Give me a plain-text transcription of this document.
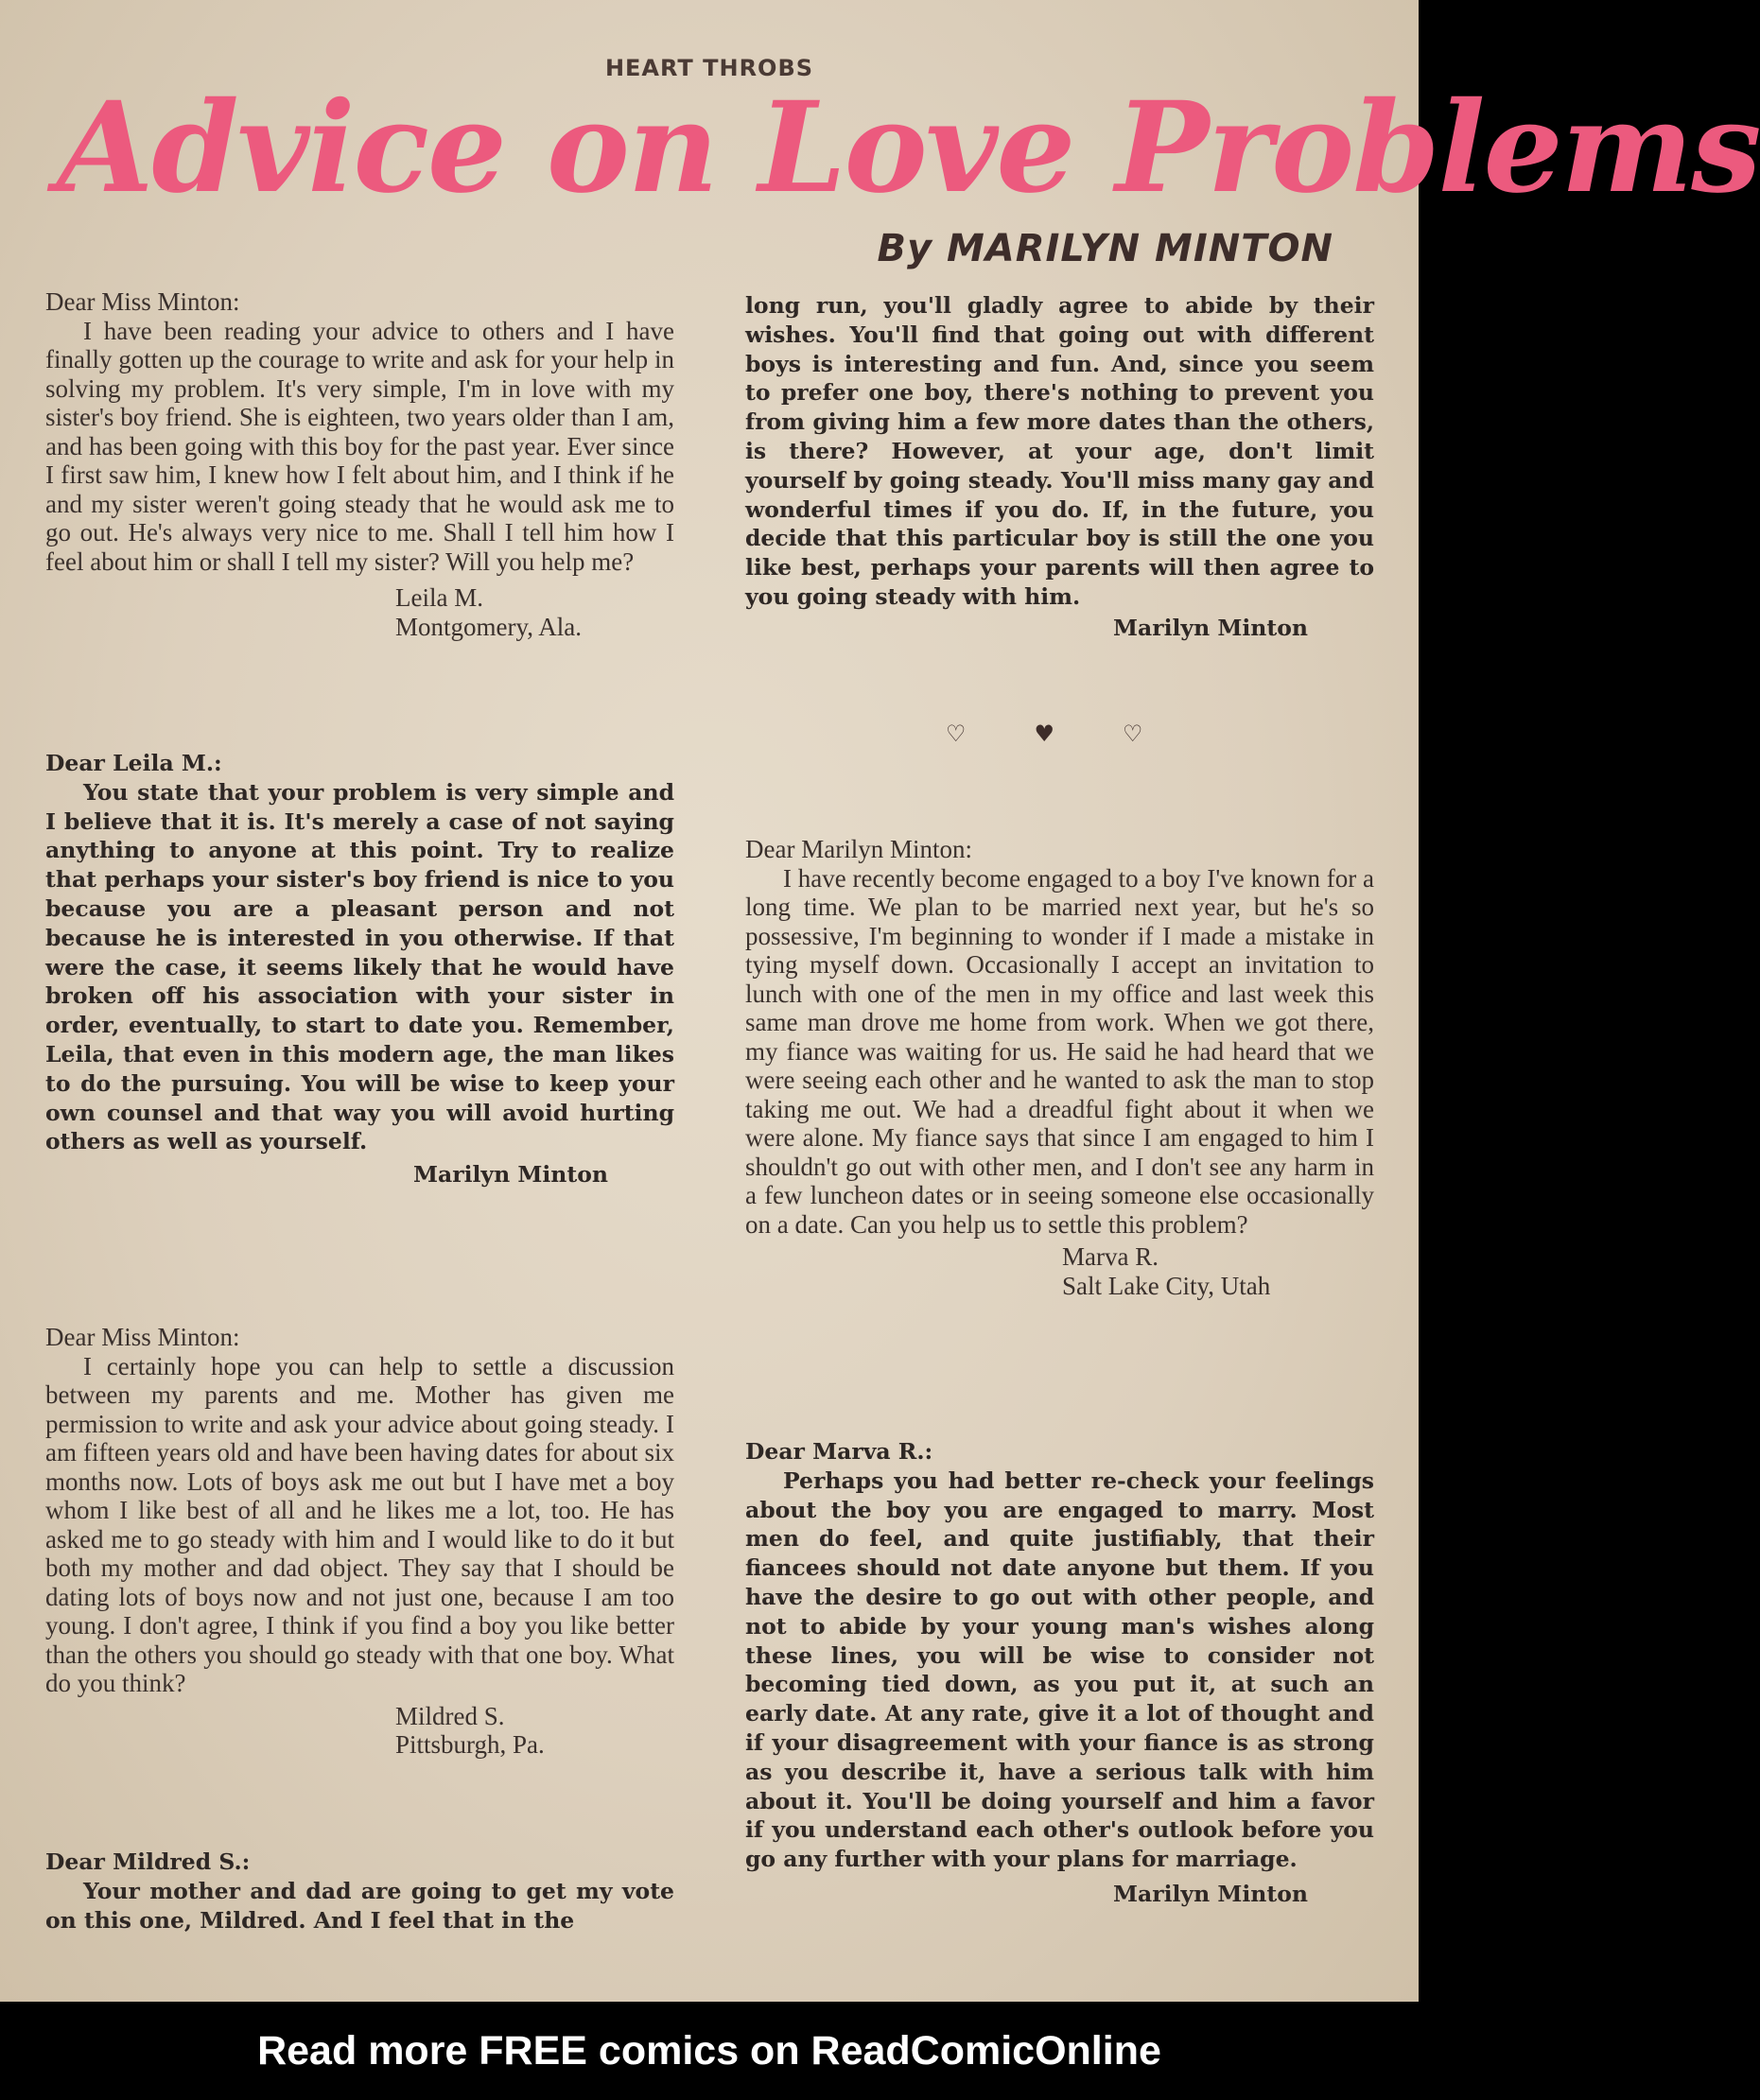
HEART THROBS
Advice on Love Problems
By MARILYN MINTON

Dear Miss Minton:

I have been reading your advice to others and I have finally gotten up the courage to write and ask for your help in solving my problem. It's very simple, I'm in love with my sister's boy friend. She is eighteen, two years older than I am, and has been going with this boy for the past year. Ever since I first saw him, I knew how I felt about him, and I think if he and my sister weren't going steady that he would ask me to go out. He's always very nice to me. Shall I tell him how I feel about him or shall I tell my sister? Will you help me?

Leila M.
Montgomery, Ala.

Dear Leila M.:

You state that your problem is very simple and I believe that it is. It's merely a case of not saying anything to anyone at this point. Try to realize that perhaps your sister's boy friend is nice to you because you are a pleasant person and not because he is interested in you otherwise. If that were the case, it seems likely that he would have broken off his association with your sister in order, eventually, to start to date you. Remember, Leila, that even in this modern age, the man likes to do the pursuing. You will be wise to keep your own counsel and that way you will avoid hurting others as well as yourself.

Marilyn Minton

Dear Miss Minton:

I certainly hope you can help to settle a discussion between my parents and me. Mother has given me permission to write and ask your advice about going steady. I am fifteen years old and have been having dates for about six months now. Lots of boys ask me out but I have met a boy whom I like best of all and he likes me a lot, too. He has asked me to go steady with him and I would like to do it but both my mother and dad object. They say that I should be dating lots of boys now and not just one, because I am too young. I don't agree, I think if you find a boy you like better than the others you should go steady with that one boy. What do you think?

Mildred S.
Pittsburgh, Pa.

Dear Mildred S.:

Your mother and dad are going to get my vote on this one, Mildred. And I feel that in the

long run, you'll gladly agree to abide by their wishes. You'll find that going out with different boys is interesting and fun. And, since you seem to prefer one boy, there's nothing to prevent you from giving him a few more dates than the others, is there? However, at your age, don't limit yourself by going steady. You'll miss many gay and wonderful times if you do. If, in the future, you decide that this particular boy is still the one you like best, perhaps your parents will then agree to you going steady with him.

Marilyn Minton
♡	♥	♡

Dear Marilyn Minton:

I have recently become engaged to a boy I've known for a long time. We plan to be married next year, but he's so possessive, I'm beginning to wonder if I made a mistake in tying myself down. Occasionally I accept an invitation to lunch with one of the men in my office and last week this same man drove me home from work. When we got there, my fiance was waiting for us. He said he had heard that we were seeing each other and he wanted to ask the man to stop taking me out. We had a dreadful fight about it when we were alone. My fiance says that since I am engaged to him I shouldn't go out with other men, and I don't see any harm in a few luncheon dates or in seeing someone else occasionally on a date. Can you help us to settle this problem?

Marva R.
Salt Lake City, Utah

Dear Marva R.:

Perhaps you had better re-check your feelings about the boy you are engaged to marry. Most men do feel, and quite justifiably, that their fiancees should not date anyone but them. If you have the desire to go out with other people, and not to abide by your young man's wishes along these lines, you will be wise to consider not becoming tied down, as you put it, at such an early date. At any rate, give it a lot of thought and if your disagreement with your fiance is as strong as you describe it, have a serious talk with him about it. You'll be doing yourself and him a favor if you understand each other's outlook before you go any further with your plans for marriage.

Marilyn Minton
Read more FREE comics on ReadComicOnline
